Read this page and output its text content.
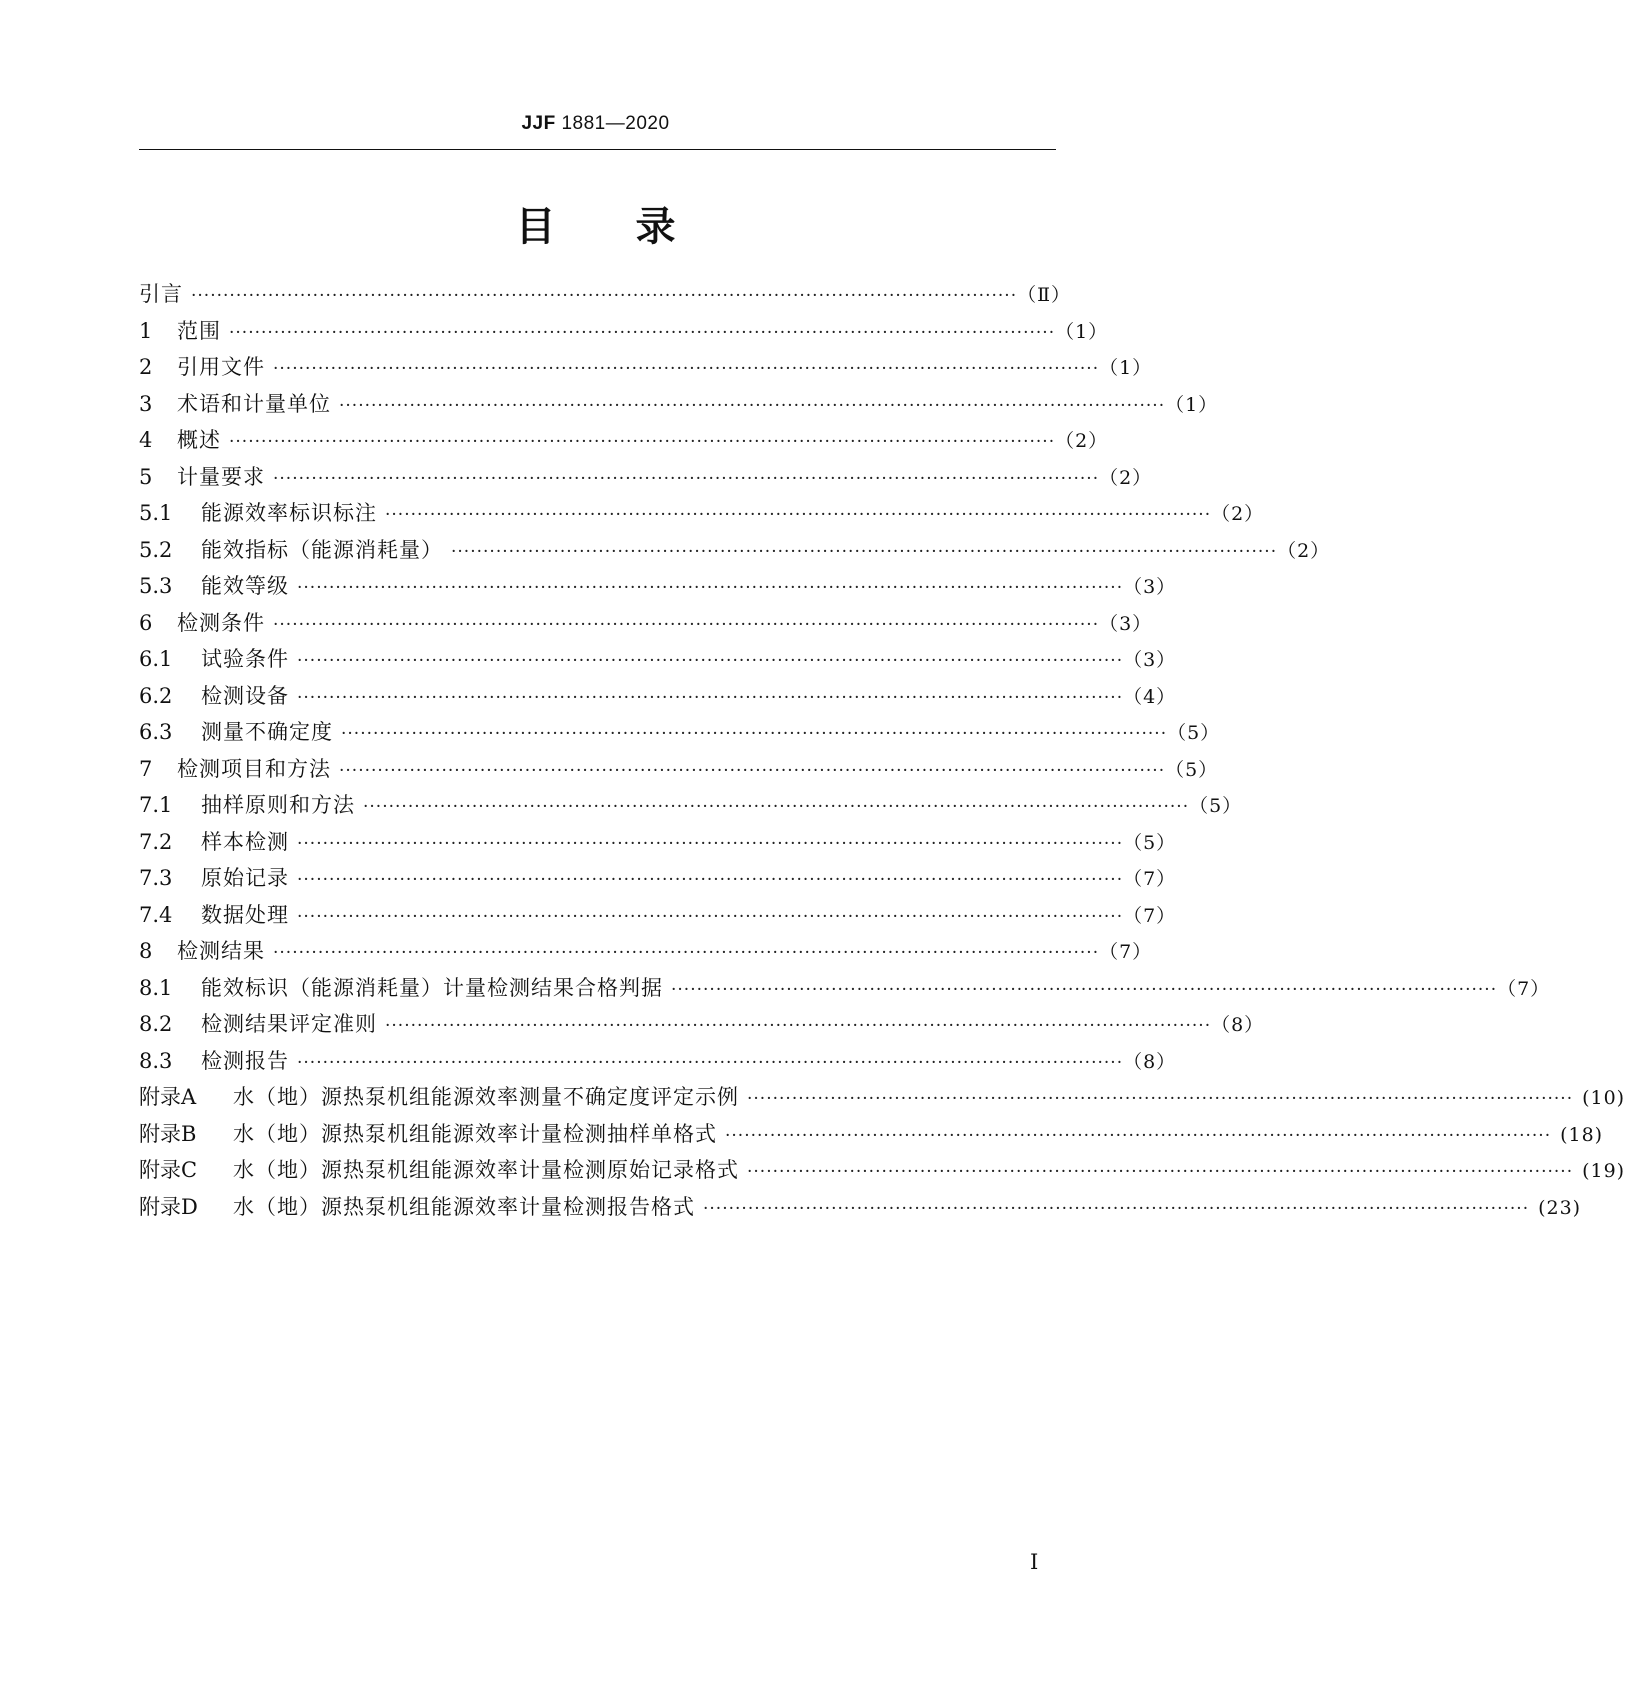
JJF 1881—2020
目录
引言 ································································································································· （Ⅱ）
1	范围 ································································································································· （1）
2	引用文件 ································································································································· （1）
3	术语和计量单位 ································································································································· （1）
4	概述 ································································································································· （2）
5	计量要求 ································································································································· （2）
5.1	能源效率标识标注 ································································································································· （2）
5.2	能效指标（能源消耗量） ································································································································· （2）
5.3	能效等级 ································································································································· （3）
6	检测条件 ································································································································· （3）
6.1	试验条件 ································································································································· （3）
6.2	检测设备 ································································································································· （4）
6.3	测量不确定度 ································································································································· （5）
7	检测项目和方法 ································································································································· （5）
7.1	抽样原则和方法 ································································································································· （5）
7.2	样本检测 ································································································································· （5）
7.3	原始记录 ································································································································· （7）
7.4	数据处理 ································································································································· （7）
8	检测结果 ································································································································· （7）
8.1	能效标识（能源消耗量）计量检测结果合格判据 ································································································································· （7）
8.2	检测结果评定准则 ································································································································· （8）
8.3	检测报告 ································································································································· （8）
附录A	水（地）源热泵机组能源效率测量不确定度评定示例 ································································································································· (10)
附录B	水（地）源热泵机组能源效率计量检测抽样单格式 ································································································································· (18)
附录C	水（地）源热泵机组能源效率计量检测原始记录格式 ································································································································· (19)
附录D	水（地）源热泵机组能源效率计量检测报告格式 ································································································································· (23)
Ⅰ
